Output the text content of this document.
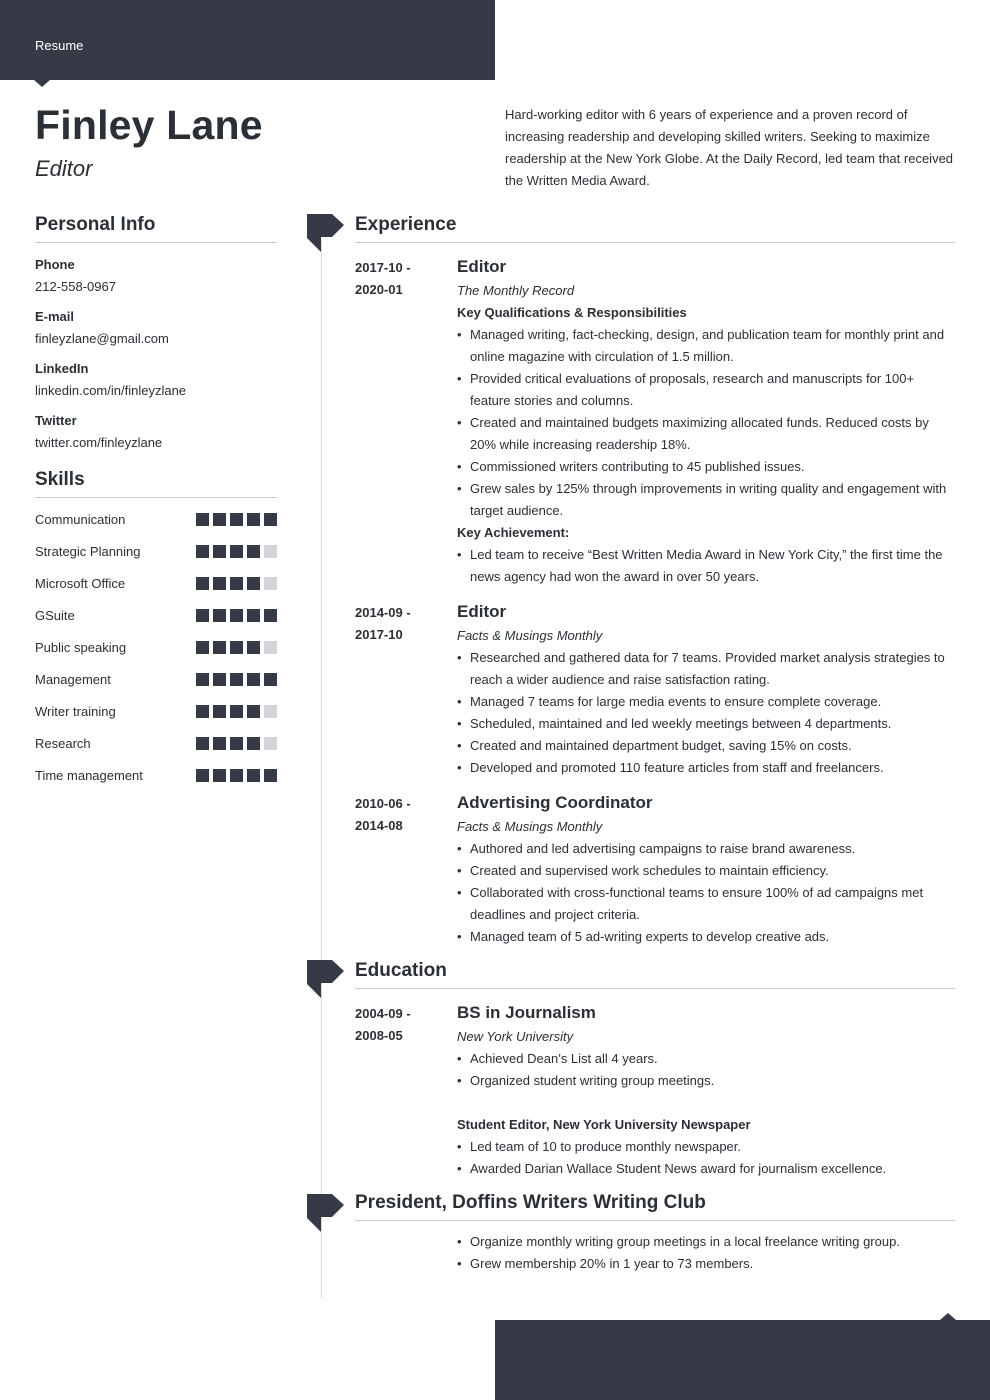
Resume
Finley Lane
Editor
Hard-working editor with 6 years of experience and a proven record of increasing readership and developing skilled writers. Seeking to maximize readership at the New York Globe. At the Daily Record, led team that received the Written Media Award.
Personal Info
Phone
212-558-0967
E-mail
finleyzlane@gmail.com
LinkedIn
linkedin.com/in/finleyzlane
Twitter
twitter.com/finleyzlane
Skills
Communication
Strategic Planning
Microsoft Office
GSuite
Public speaking
Management
Writer training
Research
Time management
Experience
2017-10 -
2020-01
Editor
The Monthly Record
Key Qualifications & Responsibilities
• Managed writing, fact-checking, design, and publication team for monthly print and online magazine with circulation of 1.5 million.
• Provided critical evaluations of proposals, research and manuscripts for 100+ feature stories and columns.
• Created and maintained budgets maximizing allocated funds. Reduced costs by 20% while increasing readership 18%.
• Commissioned writers contributing to 45 published issues.
• Grew sales by 125% through improvements in writing quality and engagement with target audience.
Key Achievement:
• Led team to receive “Best Written Media Award in New York City,” the first time the news agency had won the award in over 50 years.
2014-09 -
2017-10
Editor
Facts & Musings Monthly
• Researched and gathered data for 7 teams. Provided market analysis strategies to reach a wider audience and raise satisfaction rating.
• Managed 7 teams for large media events to ensure complete coverage.
• Scheduled, maintained and led weekly meetings between 4 departments.
• Created and maintained department budget, saving 15% on costs.
• Developed and promoted 110 feature articles from staff and freelancers.
2010-06 -
2014-08
Advertising Coordinator
Facts & Musings Monthly
• Authored and led advertising campaigns to raise brand awareness.
• Created and supervised work schedules to maintain efficiency.
• Collaborated with cross-functional teams to ensure 100% of ad campaigns met deadlines and project criteria.
• Managed team of 5 ad-writing experts to develop creative ads.
Education
2004-09 -
2008-05
BS in Journalism
New York University
• Achieved Dean’s List all 4 years.
• Organized student writing group meetings.
Student Editor, New York University Newspaper
• Led team of 10 to produce monthly newspaper.
• Awarded Darian Wallace Student News award for journalism excellence.
President, Doffins Writers Writing Club
• Organize monthly writing group meetings in a local freelance writing group.
• Grew membership 20% in 1 year to 73 members.
